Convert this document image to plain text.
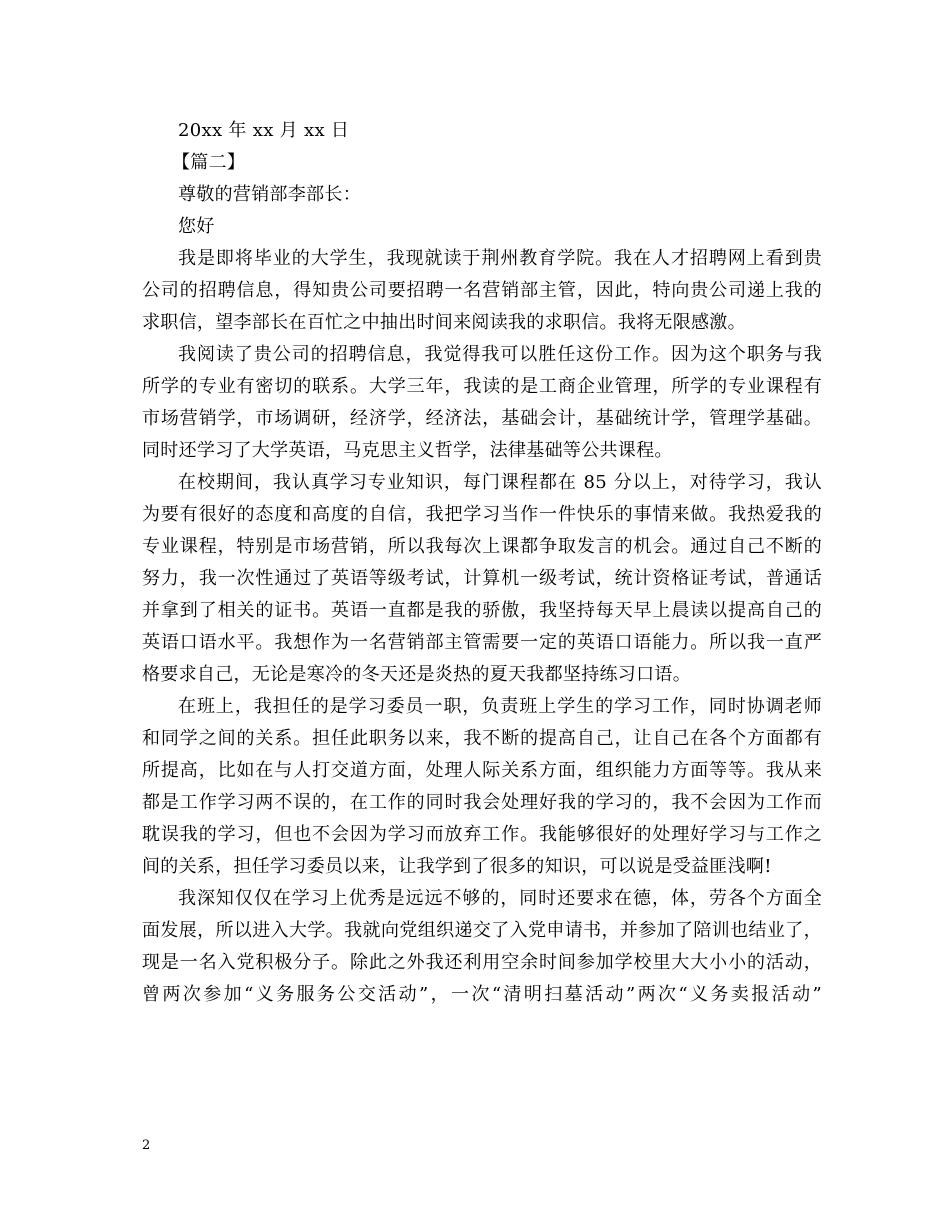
20xx 年 xx 月 xx 日
【篇二】
尊敬的营销部李部长：
您好
我是即将毕业的大学生，我现就读于荆州教育学院。我在人才招聘网上看到贵
公司的招聘信息，得知贵公司要招聘一名营销部主管，因此，特向贵公司递上我的
求职信，望李部长在百忙之中抽出时间来阅读我的求职信。我将无限感激。
我阅读了贵公司的招聘信息，我觉得我可以胜任这份工作。因为这个职务与我
所学的专业有密切的联系。大学三年，我读的是工商企业管理，所学的专业课程有
市场营销学，市场调研，经济学，经济法，基础会计，基础统计学，管理学基础。
同时还学习了大学英语，马克思主义哲学，法律基础等公共课程。
在校期间，我认真学习专业知识，每门课程都在 85 分以上，对待学习，我认
为要有很好的态度和高度的自信，我把学习当作一件快乐的事情来做。我热爱我的
专业课程，特别是市场营销，所以我每次上课都争取发言的机会。通过自己不断的
努力，我一次性通过了英语等级考试，计算机一级考试，统计资格证考试，普通话
并拿到了相关的证书。英语一直都是我的骄傲，我坚持每天早上晨读以提高自己的
英语口语水平。我想作为一名营销部主管需要一定的英语口语能力。所以我一直严
格要求自己，无论是寒冷的冬天还是炎热的夏天我都坚持练习口语。
在班上，我担任的是学习委员一职，负责班上学生的学习工作，同时协调老师
和同学之间的关系。担任此职务以来，我不断的提高自己，让自己在各个方面都有
所提高，比如在与人打交道方面，处理人际关系方面，组织能力方面等等。我从来
都是工作学习两不误的，在工作的同时我会处理好我的学习的，我不会因为工作而
耽误我的学习，但也不会因为学习而放弃工作。我能够很好的处理好学习与工作之
间的关系，担任学习委员以来，让我学到了很多的知识，可以说是受益匪浅啊!
我深知仅仅在学习上优秀是远远不够的，同时还要求在德，体，劳各个方面全
面发展，所以进入大学。我就向党组织递交了入党申请书，并参加了陪训也结业了，
现是一名入党积极分子。除此之外我还利用空余时间参加学校里大大小小的活动，
曾两次参加“义务服务公交活动”，一次“清明扫墓活动”两次“义务卖报活动”
2
